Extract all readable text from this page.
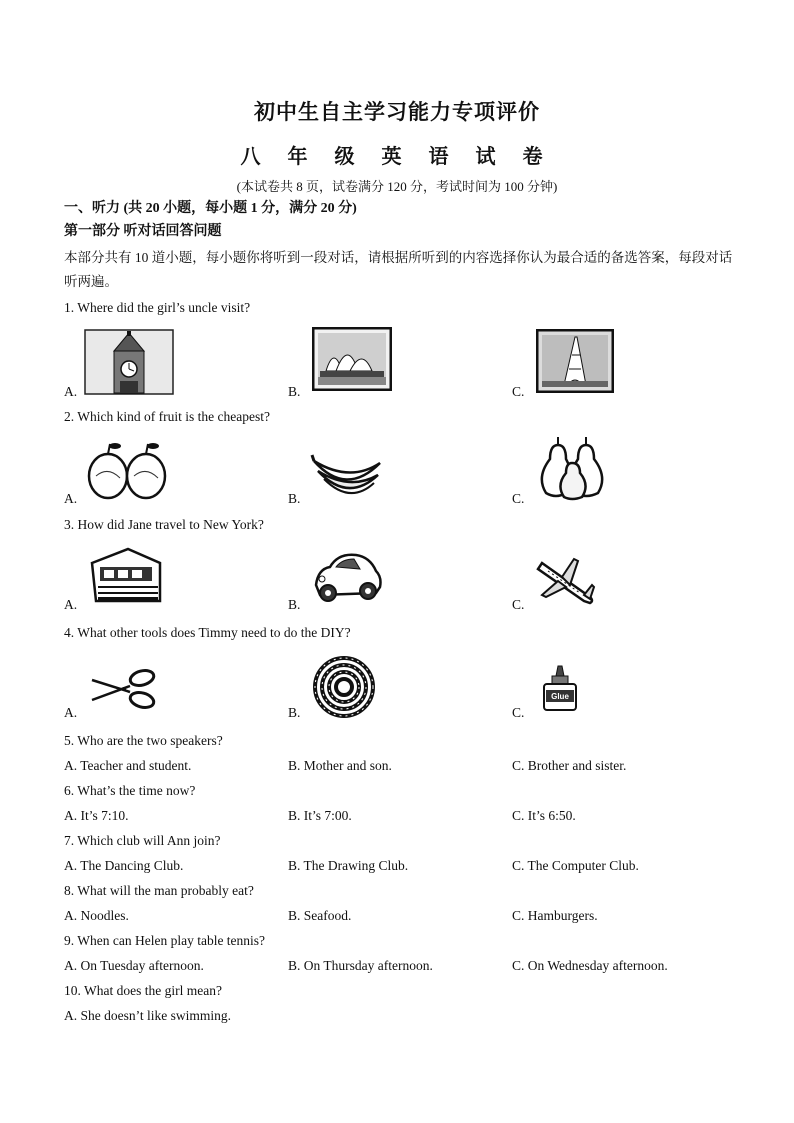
初中生自主学习能力专项评价
八 年 级 英 语 试 卷
(本试卷共 8 页，试卷满分 120 分，考试时间为 100 分钟)
一、听力 (共 20 小题，每小题 1 分，满分 20 分)
第一部分 听对话回答问题
本部分共有 10 道小题，每小题你将听到一段对话，请根据所听到的内容选择你认为最合适的备选答案，每段对话听两遍。
1. Where did the girl’s uncle visit?
A.	B.	C.
2. Which kind of fruit is the cheapest?
A.	B.	C.
3. How did Jane travel to New York?
A.	B.	C.
4. What other tools does Timmy need to do the DIY?
A.	B.	C.
Glue
5. Who are the two speakers?
A. Teacher and student.	B. Mother and son.	C. Brother and sister.
6. What’s the time now?
A. It’s 7:10.	B. It’s 7:00.	C. It’s 6:50.
7. Which club will Ann join?
A. The Dancing Club.	B. The Drawing Club.	C. The Computer Club.
8. What will the man probably eat?
A. Noodles.	B. Seafood.	C. Hamburgers.
9. When can Helen play table tennis?
A. On Tuesday afternoon.	B. On Thursday afternoon.	C. On Wednesday afternoon.
10. What does the girl mean?
A. She doesn’t like swimming.
